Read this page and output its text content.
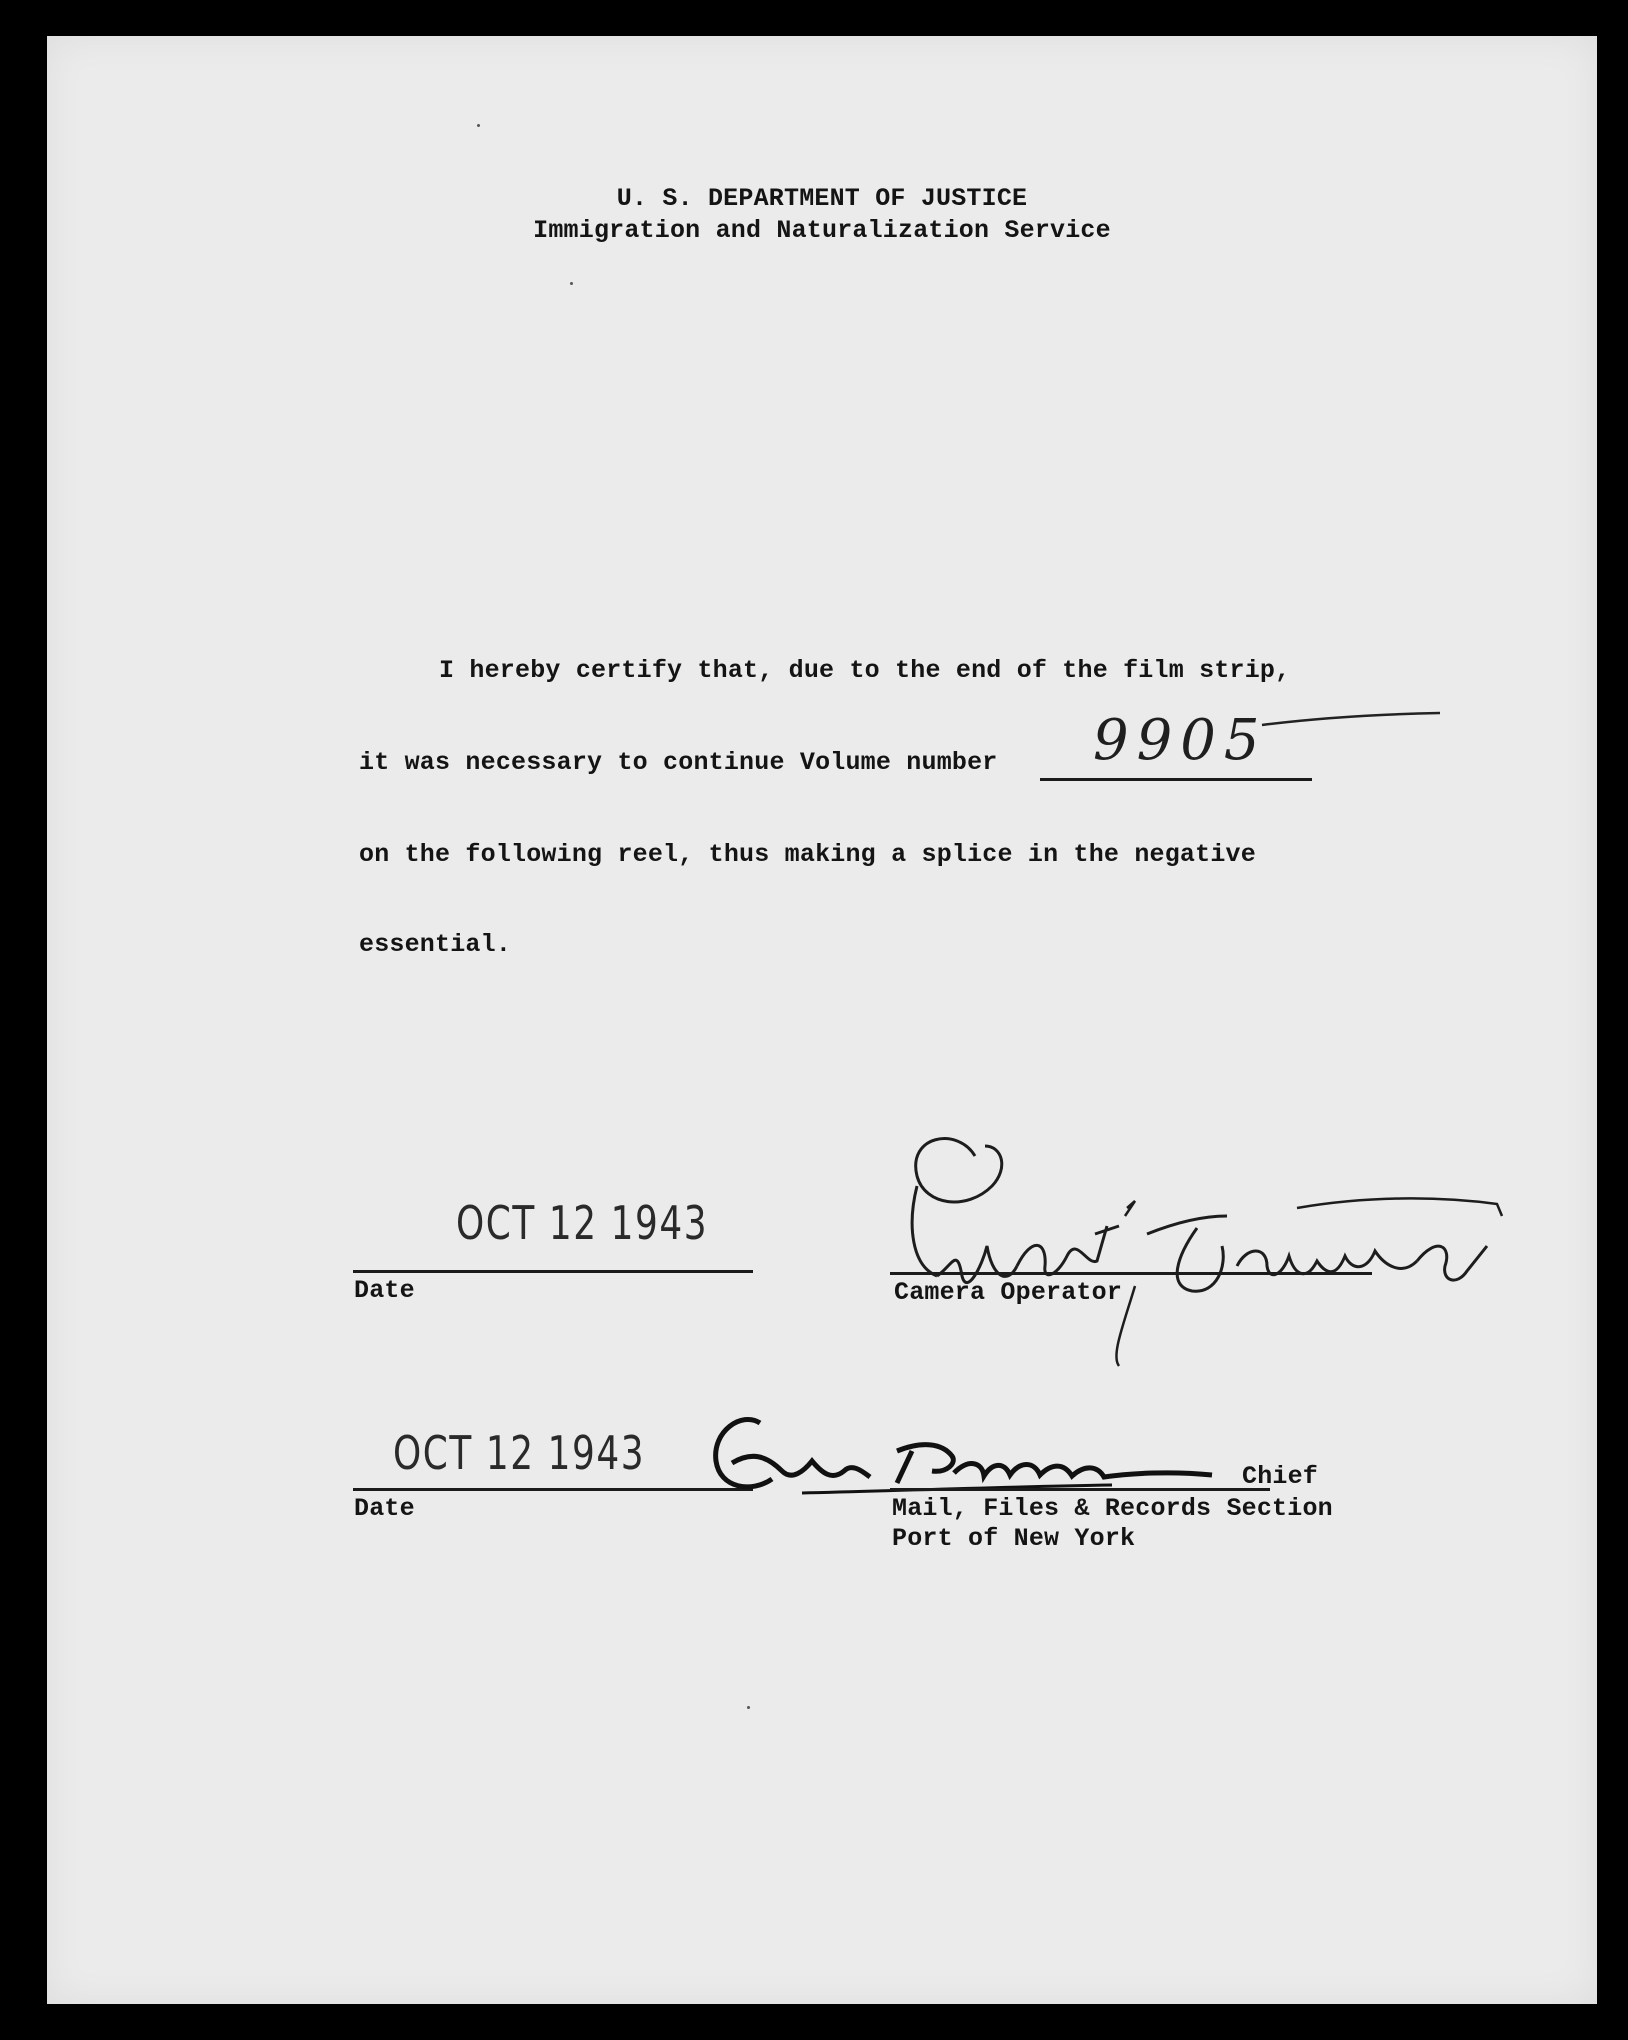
U. S. DEPARTMENT OF JUSTICE
Immigration and Naturalization Service
I hereby certify that, due to the end of the film strip,
it was necessary to continue Volume number 9905
on the following reel, thus making a splice in the negative
essential.
OCT 12 1943
Date	Camera Operator
OCT 12 1943
Date
Chief
Mail, Files & Records Section
Port of New York
